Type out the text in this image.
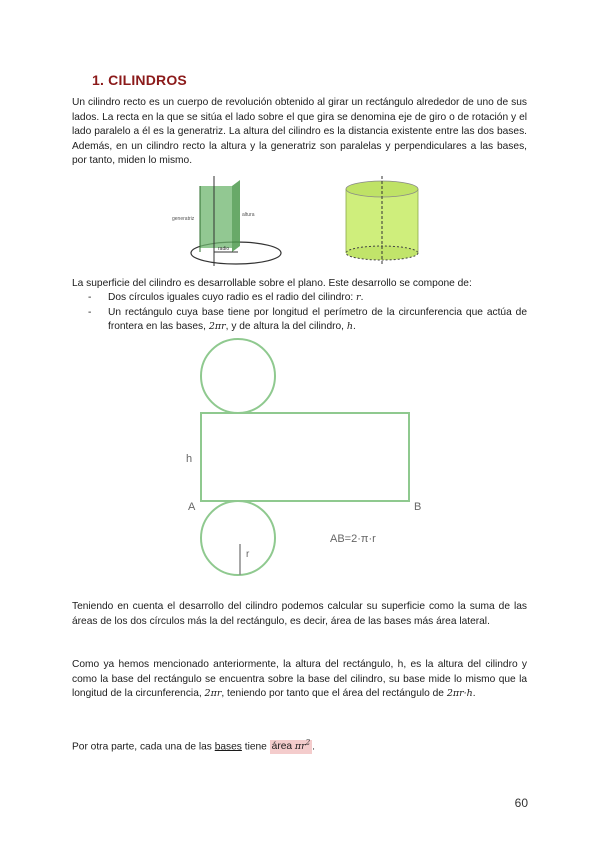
1. CILINDROS
Un cilindro recto es un cuerpo de revolución obtenido al girar un rectángulo alrededor de uno de sus lados. La recta en la que se sitúa el lado sobre el que gira se denomina eje de giro o de rotación y el lado paralelo a él es la generatriz. La altura del cilindro es la distancia existente entre las dos bases. Además, en un cilindro recto la altura y la generatriz son paralelas y perpendiculares a las bases, por tanto, miden lo mismo.
generatriz
altura
radio
La superficie del cilindro es desarrollable sobre el plano. Este desarrollo se compone de:
- Dos círculos iguales cuyo radio es el radio del cilindro: r.
- Un rectángulo cuya base tiene por longitud el perímetro de la circunferencia que actúa de frontera en las bases, 2πr, y de altura la del cilindro, h.
h
A	B
r
AB=2·π·r
Teniendo en cuenta el desarrollo del cilindro podemos calcular su superficie como la suma de las áreas de los dos círculos más la del rectángulo, es decir, área de las bases más área lateral.
Como ya hemos mencionado anteriormente, la altura del rectángulo, h, es la altura del cilindro y como la base del rectángulo se encuentra sobre la base del cilindro, su base mide lo mismo que la longitud de la circunferencia, 2πr, teniendo por tanto que el área del rectángulo de 2πr·h.
Por otra parte, cada una de las bases tiene área $\pi r^2$ .
60
